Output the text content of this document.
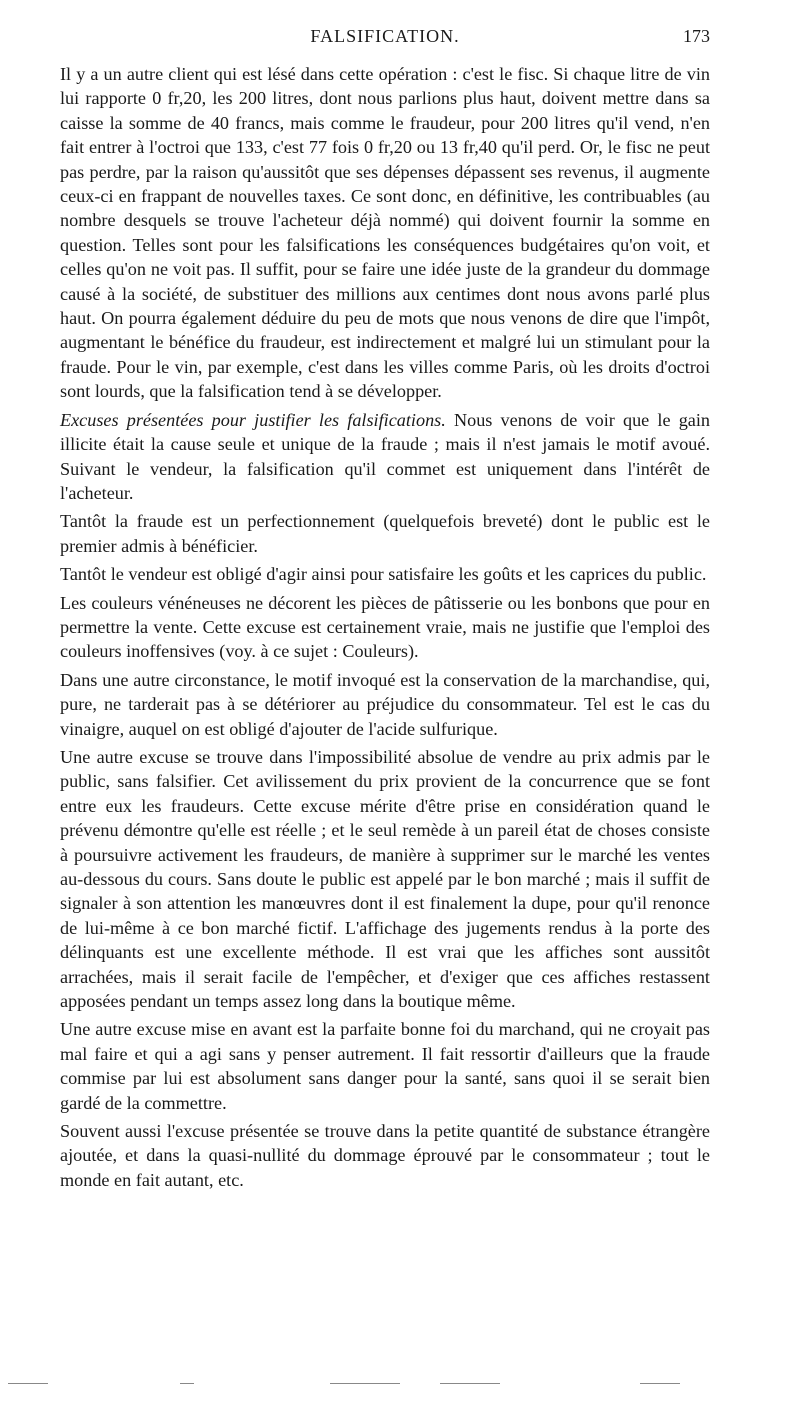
FALSIFICATION.	173

Il y a un autre client qui est lésé dans cette opération : c'est le fisc. Si chaque litre de vin lui rapporte 0 fr,20, les 200 litres, dont nous parlions plus haut, doivent mettre dans sa caisse la somme de 40 francs, mais comme le fraudeur, pour 200 litres qu'il vend, n'en fait entrer à l'octroi que 133, c'est 77 fois 0 fr,20 ou 13 fr,40 qu'il perd. Or, le fisc ne peut pas perdre, par la raison qu'aussitôt que ses dépenses dépassent ses revenus, il augmente ceux-ci en frappant de nouvelles taxes. Ce sont donc, en définitive, les contribuables (au nombre desquels se trouve l'acheteur déjà nommé) qui doivent fournir la somme en question. Telles sont pour les falsifications les conséquences budgétaires qu'on voit, et celles qu'on ne voit pas. Il suffit, pour se faire une idée juste de la grandeur du dommage causé à la société, de substituer des millions aux centimes dont nous avons parlé plus haut. On pourra également déduire du peu de mots que nous venons de dire que l'impôt, augmentant le bénéfice du fraudeur, est indirectement et malgré lui un stimulant pour la fraude. Pour le vin, par exemple, c'est dans les villes comme Paris, où les droits d'octroi sont lourds, que la falsification tend à se développer.

Excuses présentées pour justifier les falsifications. Nous venons de voir que le gain illicite était la cause seule et unique de la fraude ; mais il n'est jamais le motif avoué. Suivant le vendeur, la falsification qu'il commet est uniquement dans l'intérêt de l'acheteur.

Tantôt la fraude est un perfectionnement (quelquefois breveté) dont le public est le premier admis à bénéficier.

Tantôt le vendeur est obligé d'agir ainsi pour satisfaire les goûts et les caprices du public.

Les couleurs vénéneuses ne décorent les pièces de pâtisserie ou les bonbons que pour en permettre la vente. Cette excuse est certainement vraie, mais ne justifie que l'emploi des couleurs inoffensives (voy. à ce sujet : Couleurs).

Dans une autre circonstance, le motif invoqué est la conservation de la marchandise, qui, pure, ne tarderait pas à se détériorer au préjudice du consommateur. Tel est le cas du vinaigre, auquel on est obligé d'ajouter de l'acide sulfurique.

Une autre excuse se trouve dans l'impossibilité absolue de vendre au prix admis par le public, sans falsifier. Cet avilissement du prix provient de la concurrence que se font entre eux les fraudeurs. Cette excuse mérite d'être prise en considération quand le prévenu démontre qu'elle est réelle ; et le seul remède à un pareil état de choses consiste à poursuivre activement les fraudeurs, de manière à supprimer sur le marché les ventes au-dessous du cours. Sans doute le public est appelé par le bon marché ; mais il suffit de signaler à son attention les manœuvres dont il est finalement la dupe, pour qu'il renonce de lui-même à ce bon marché fictif. L'affichage des jugements rendus à la porte des délinquants est une excellente méthode. Il est vrai que les affiches sont aussitôt arrachées, mais il serait facile de l'empêcher, et d'exiger que ces affiches restassent apposées pendant un temps assez long dans la boutique même.

Une autre excuse mise en avant est la parfaite bonne foi du marchand, qui ne croyait pas mal faire et qui a agi sans y penser autrement. Il fait ressortir d'ailleurs que la fraude commise par lui est absolument sans danger pour la santé, sans quoi il se serait bien gardé de la commettre.

Souvent aussi l'excuse présentée se trouve dans la petite quantité de substance étrangère ajoutée, et dans la quasi-nullité du dommage éprouvé par le consommateur ; tout le monde en fait autant, etc.
